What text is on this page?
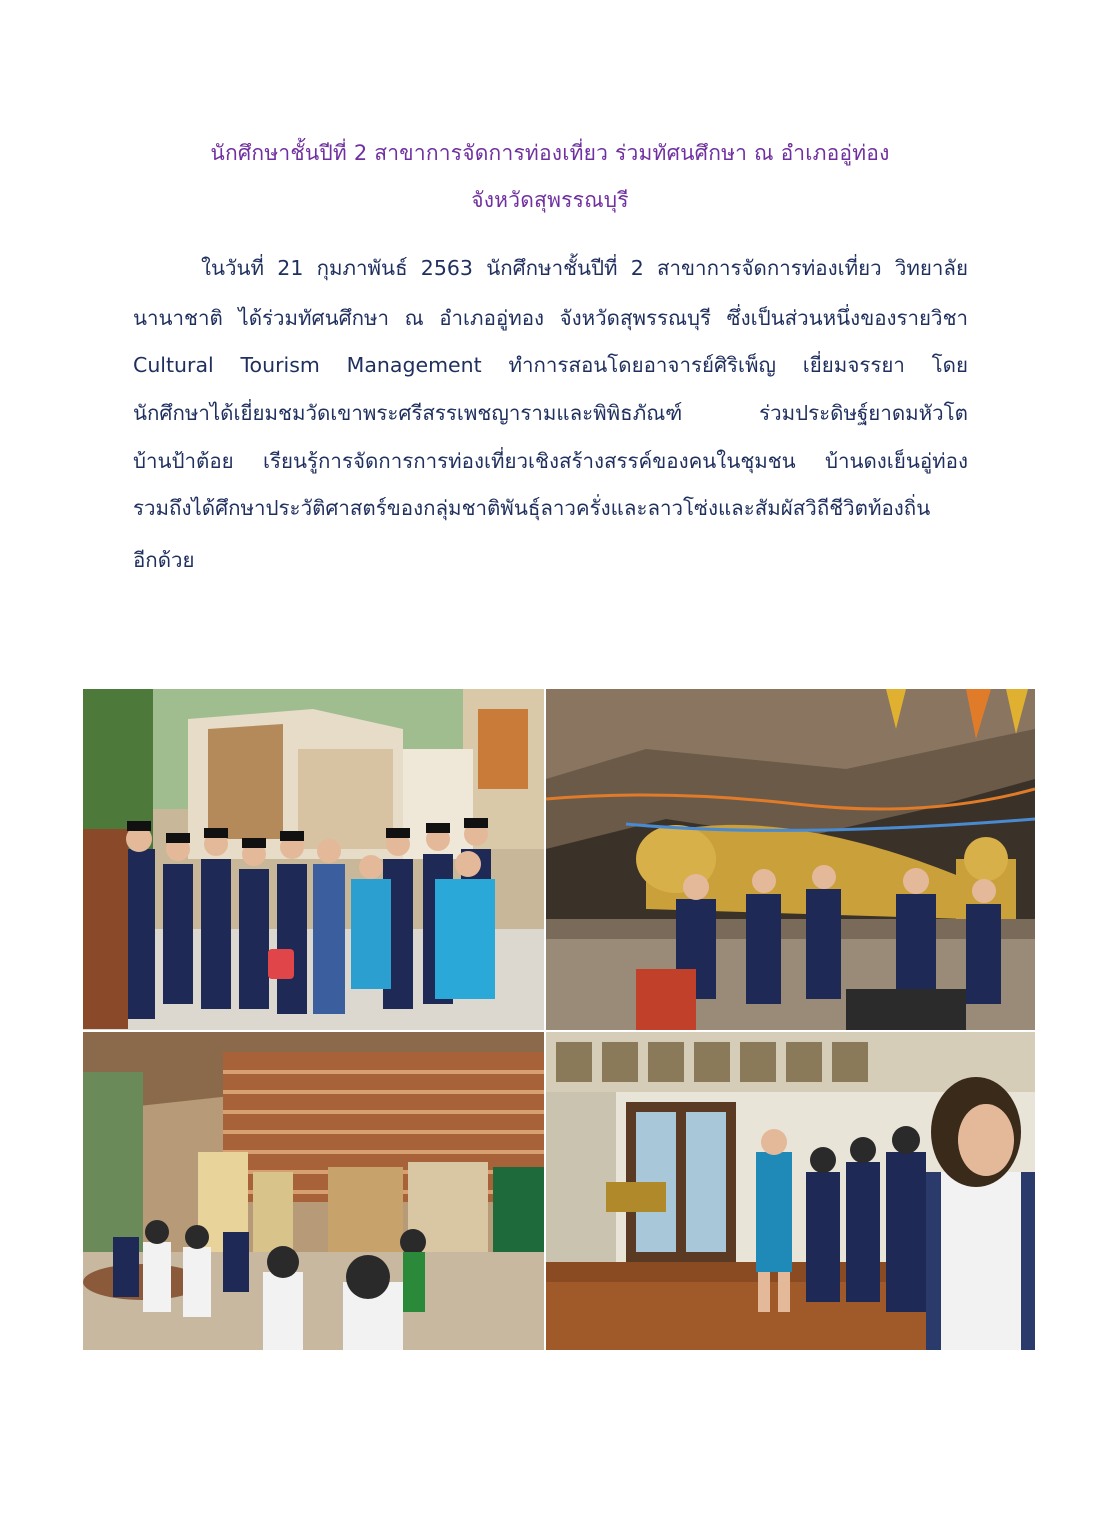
นักศึกษาชั้นปีที่ 2 สาขาการจัดการท่องเที่ยว ร่วมทัศนศึกษา ณ อำเภออู่ท่อง
จังหวัดสุพรรณบุรี
ในวันที่ 21 กุมภาพันธ์ 2563 นักศึกษาชั้นปีที่ 2 สาขาการจัดการท่องเที่ยว วิทยาลัย
นานาชาติ ได้ร่วมทัศนศึกษา ณ อำเภออู่ทอง จังหวัดสุพรรณบุรี ซึ่งเป็นส่วนหนึ่งของรายวิชา
Cultural Tourism Management ทำการสอนโดยอาจารย์ศิริเพ็ญ เยี่ยมจรรยา โดย
นักศึกษาได้เยี่ยมชมวัดเขาพระศรีสรรเพชญารามและพิพิธภัณฑ์ ร่วมประดิษฐ์ยาดมหัวโต
บ้านป้าต้อย เรียนรู้การจัดการการท่องเที่ยวเชิงสร้างสรรค์ของคนในชุมชน บ้านดงเย็นอู่ท่อง
รวมถึงได้ศึกษาประวัติศาสตร์ของกลุ่มชาติพันธุ์ลาวครั่งและลาวโซ่งและสัมผัสวิถีชีวิตท้องถิ่น
อีกด้วย
